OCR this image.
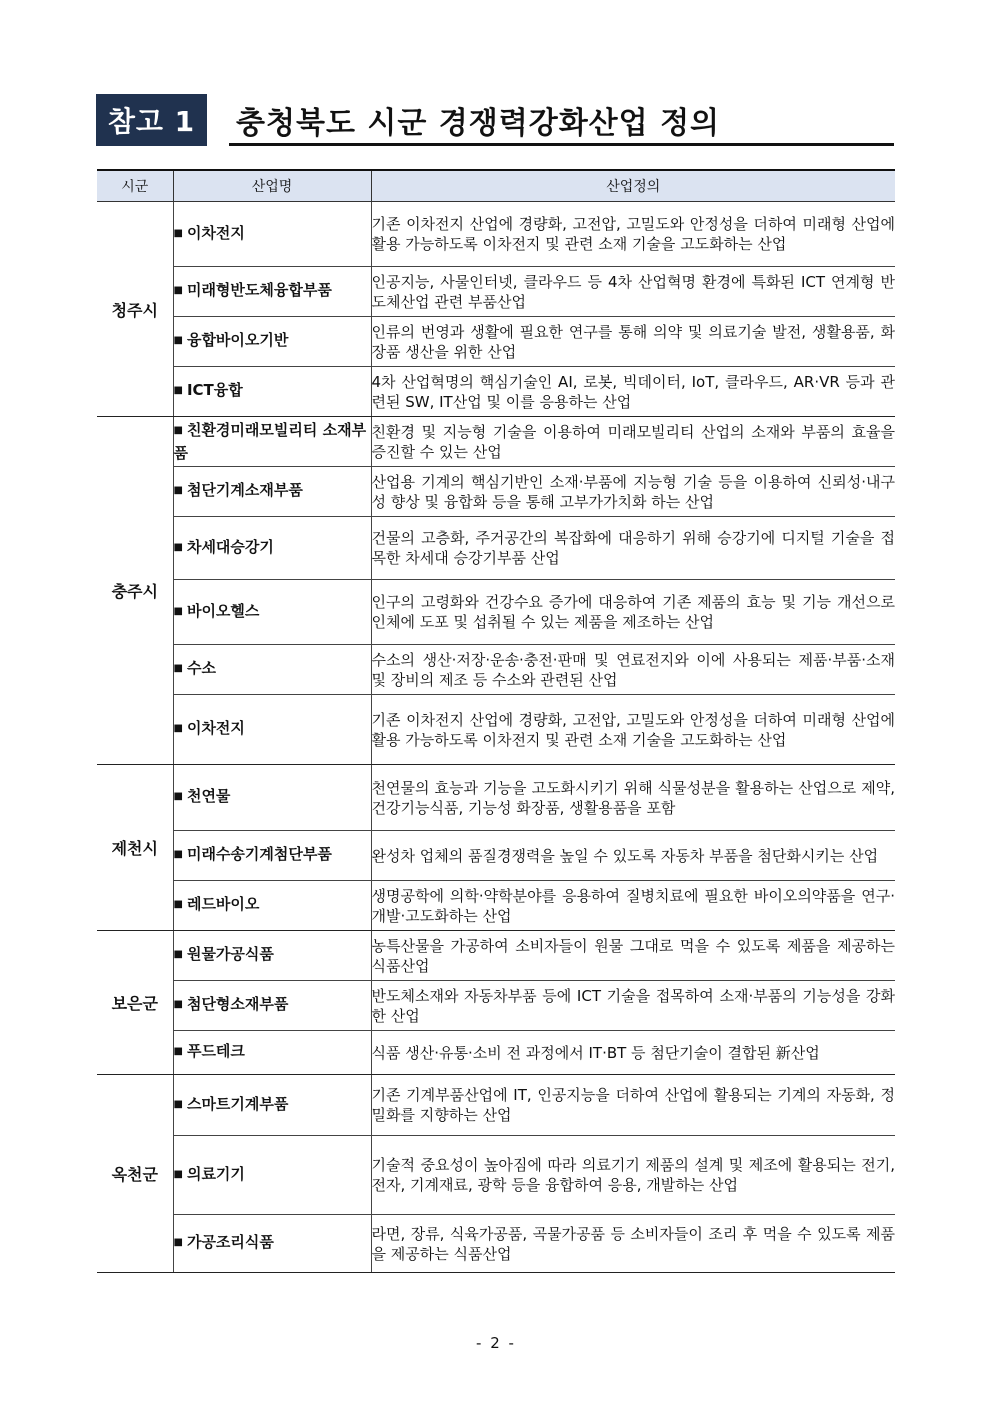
참고 1	충청북도 시군 경쟁력강화산업 정의
시군	산업명	산업정의
청주시	■ 이차전지	기존 이차전지 산업에 경량화, 고전압, 고밀도와 안정성을 더하여 미래형 산업에 활용 가능하도록 이차전지 및 관련 소재 기술을 고도화하는 산업
	■ 미래형반도체융합부품	인공지능, 사물인터넷, 클라우드 등 4차 산업혁명 환경에 특화된 ICT 연계형 반도체산업 관련 부품산업
	■ 융합바이오기반	인류의 번영과 생활에 필요한 연구를 통해 의약 및 의료기술 발전, 생활용품, 화장품 생산을 위한 산업
	■ ICT융합	4차 산업혁명의 핵심기술인 AI, 로봇, 빅데이터, IoT, 클라우드, AR·VR 등과 관련된 SW, IT산업 및 이를 응용하는 산업
충주시	■ 친환경미래모빌리티 소재부품	친환경 및 지능형 기술을 이용하여 미래모빌리티 산업의 소재와 부품의 효율을 증진할 수 있는 산업
	■ 첨단기계소재부품	산업용 기계의 핵심기반인 소재·부품에 지능형 기술 등을 이용하여 신뢰성·내구성 향상 및 융합화 등을 통해 고부가가치화 하는 산업
	■ 차세대승강기	건물의 고층화, 주거공간의 복잡화에 대응하기 위해 승강기에 디지털 기술을 접목한 차세대 승강기부품 산업
	■ 바이오헬스	인구의 고령화와 건강수요 증가에 대응하여 기존 제품의 효능 및 기능 개선으로 인체에 도포 및 섭취될 수 있는 제품을 제조하는 산업
	■ 수소	수소의 생산·저장·운송·충전·판매 및 연료전지와 이에 사용되는 제품·부품·소재 및 장비의 제조 등 수소와 관련된 산업
	■ 이차전지	기존 이차전지 산업에 경량화, 고전압, 고밀도와 안정성을 더하여 미래형 산업에 활용 가능하도록 이차전지 및 관련 소재 기술을 고도화하는 산업
제천시	■ 천연물	천연물의 효능과 기능을 고도화시키기 위해 식물성분을 활용하는 산업으로 제약, 건강기능식품, 기능성 화장품, 생활용품을 포함
	■ 미래수송기계첨단부품	완성차 업체의 품질경쟁력을 높일 수 있도록 자동차 부품을 첨단화시키는 산업
	■ 레드바이오	생명공학에 의학·약학분야를 응용하여 질병치료에 필요한 바이오의약품을 연구·개발·고도화하는 산업
보은군	■ 원물가공식품	농특산물을 가공하여 소비자들이 원물 그대로 먹을 수 있도록 제품을 제공하는 식품산업
	■ 첨단형소재부품	반도체소재와 자동차부품 등에 ICT 기술을 접목하여 소재·부품의 기능성을 강화한 산업
	■ 푸드테크	식품 생산·유통·소비 전 과정에서 IT·BT 등 첨단기술이 결합된 新산업
옥천군	■ 스마트기계부품	기존 기계부품산업에 IT, 인공지능을 더하여 산업에 활용되는 기계의 자동화, 정밀화를 지향하는 산업
	■ 의료기기	기술적 중요성이 높아짐에 따라 의료기기 제품의 설계 및 제조에 활용되는 전기, 전자, 기계재료, 광학 등을 융합하여 응용, 개발하는 산업
	■ 가공조리식품	라면, 장류, 식육가공품, 곡물가공품 등 소비자들이 조리 후 먹을 수 있도록 제품을 제공하는 식품산업
- 2 -
